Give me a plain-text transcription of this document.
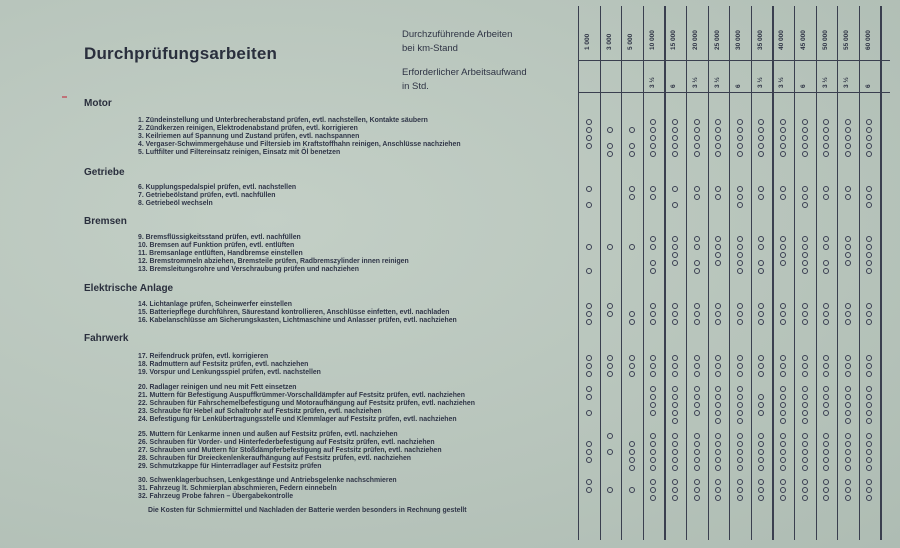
Durchprüfungsarbeiten
Durchzuführende Arbeiten
bei km-Stand
Erforderlicher Arbeitsaufwand
in Std.
1 000 3 000 5 000 10 000 15 000 20 000 25 000 30 000 35 000 40 000 45 000 50 000 55 000 60 000
3 ½ 6 3 ½ 3 ½ 6 3 ½ 3 ½ 6 3 ½ 3 ½ 6
Motor
1. Zündeinstellung und Unterbrecherabstand prüfen, evtl. nachstellen, Kontakte säubern
2. Zündkerzen reinigen, Elektrodenabstand prüfen, evtl. korrigieren
3. Keilriemen auf Spannung und Zustand prüfen, evtl. nachspannen
4. Vergaser-Schwimmergehäuse und Filtersieb im Kraftstoffhahn reinigen, Anschlüsse nachziehen
5. Luftfilter und Filtereinsatz reinigen, Einsatz mit Öl benetzen
Getriebe
6. Kupplungspedalspiel prüfen, evtl. nachstellen
7. Getriebeölstand prüfen, evtl. nachfüllen
8. Getriebeöl wechseln
Bremsen
9. Bremsflüssigkeitsstand prüfen, evtl. nachfüllen
10. Bremsen auf Funktion prüfen, evtl. entlüften
11. Bremsanlage entlüften, Handbremse einstellen
12. Bremstrommeln abziehen, Bremsteile prüfen, Radbremszylinder innen reinigen
13. Bremsleitungsrohre und Verschraubung prüfen und nachziehen
Elektrische Anlage
14. Lichtanlage prüfen, Scheinwerfer einstellen
15. Batteriepflege durchführen, Säurestand kontrollieren, Anschlüsse einfetten, evtl. nachladen
16. Kabelanschlüsse am Sicherungskasten, Lichtmaschine und Anlasser prüfen, evtl. nachziehen
Fahrwerk
17. Reifendruck prüfen, evtl. korrigieren
18. Radmuttern auf Festsitz prüfen, evtl. nachziehen
19. Vorspur und Lenkungsspiel prüfen, evtl. nachstellen
20. Radlager reinigen und neu mit Fett einsetzen
21. Muttern für Befestigung Auspuffkrümmer-Vorschalldämpfer auf Festsitz prüfen, evtl. nachziehen
22. Schrauben für Fahrschemelbefestigung und Motoraufhängung auf Festsitz prüfen, evtl. nachziehen
23. Schraube für Hebel auf Schaltrohr auf Festsitz prüfen, evtl. nachziehen
24. Befestigung für Lenkübertragungsstelle und Klemmlager auf Festsitz prüfen, evtl. nachziehen
25. Muttern für Lenkarme innen und außen auf Festsitz prüfen, evtl. nachziehen
26. Schrauben für Vorder- und Hinterfederbefestigung auf Festsitz prüfen, evtl. nachziehen
27. Schrauben und Muttern für Stoßdämpferbefestigung auf Festsitz prüfen, evtl. nachziehen
28. Schrauben für Dreieckenlenkeraufhängung auf Festsitz prüfen, evtl. nachziehen
29. Schmutzkappe für Hinterradlager auf Festsitz prüfen
30. Schwenklagerbuchsen, Lenkgestänge und Antriebsgelenke nachschmieren
31. Fahrzeug lt. Schmierplan abschmieren, Federn einnebeln
32. Fahrzeug Probe fahren – Übergabekontrolle
Die Kosten für Schmiermittel und Nachladen der Batterie werden besonders in Rechnung gestellt
